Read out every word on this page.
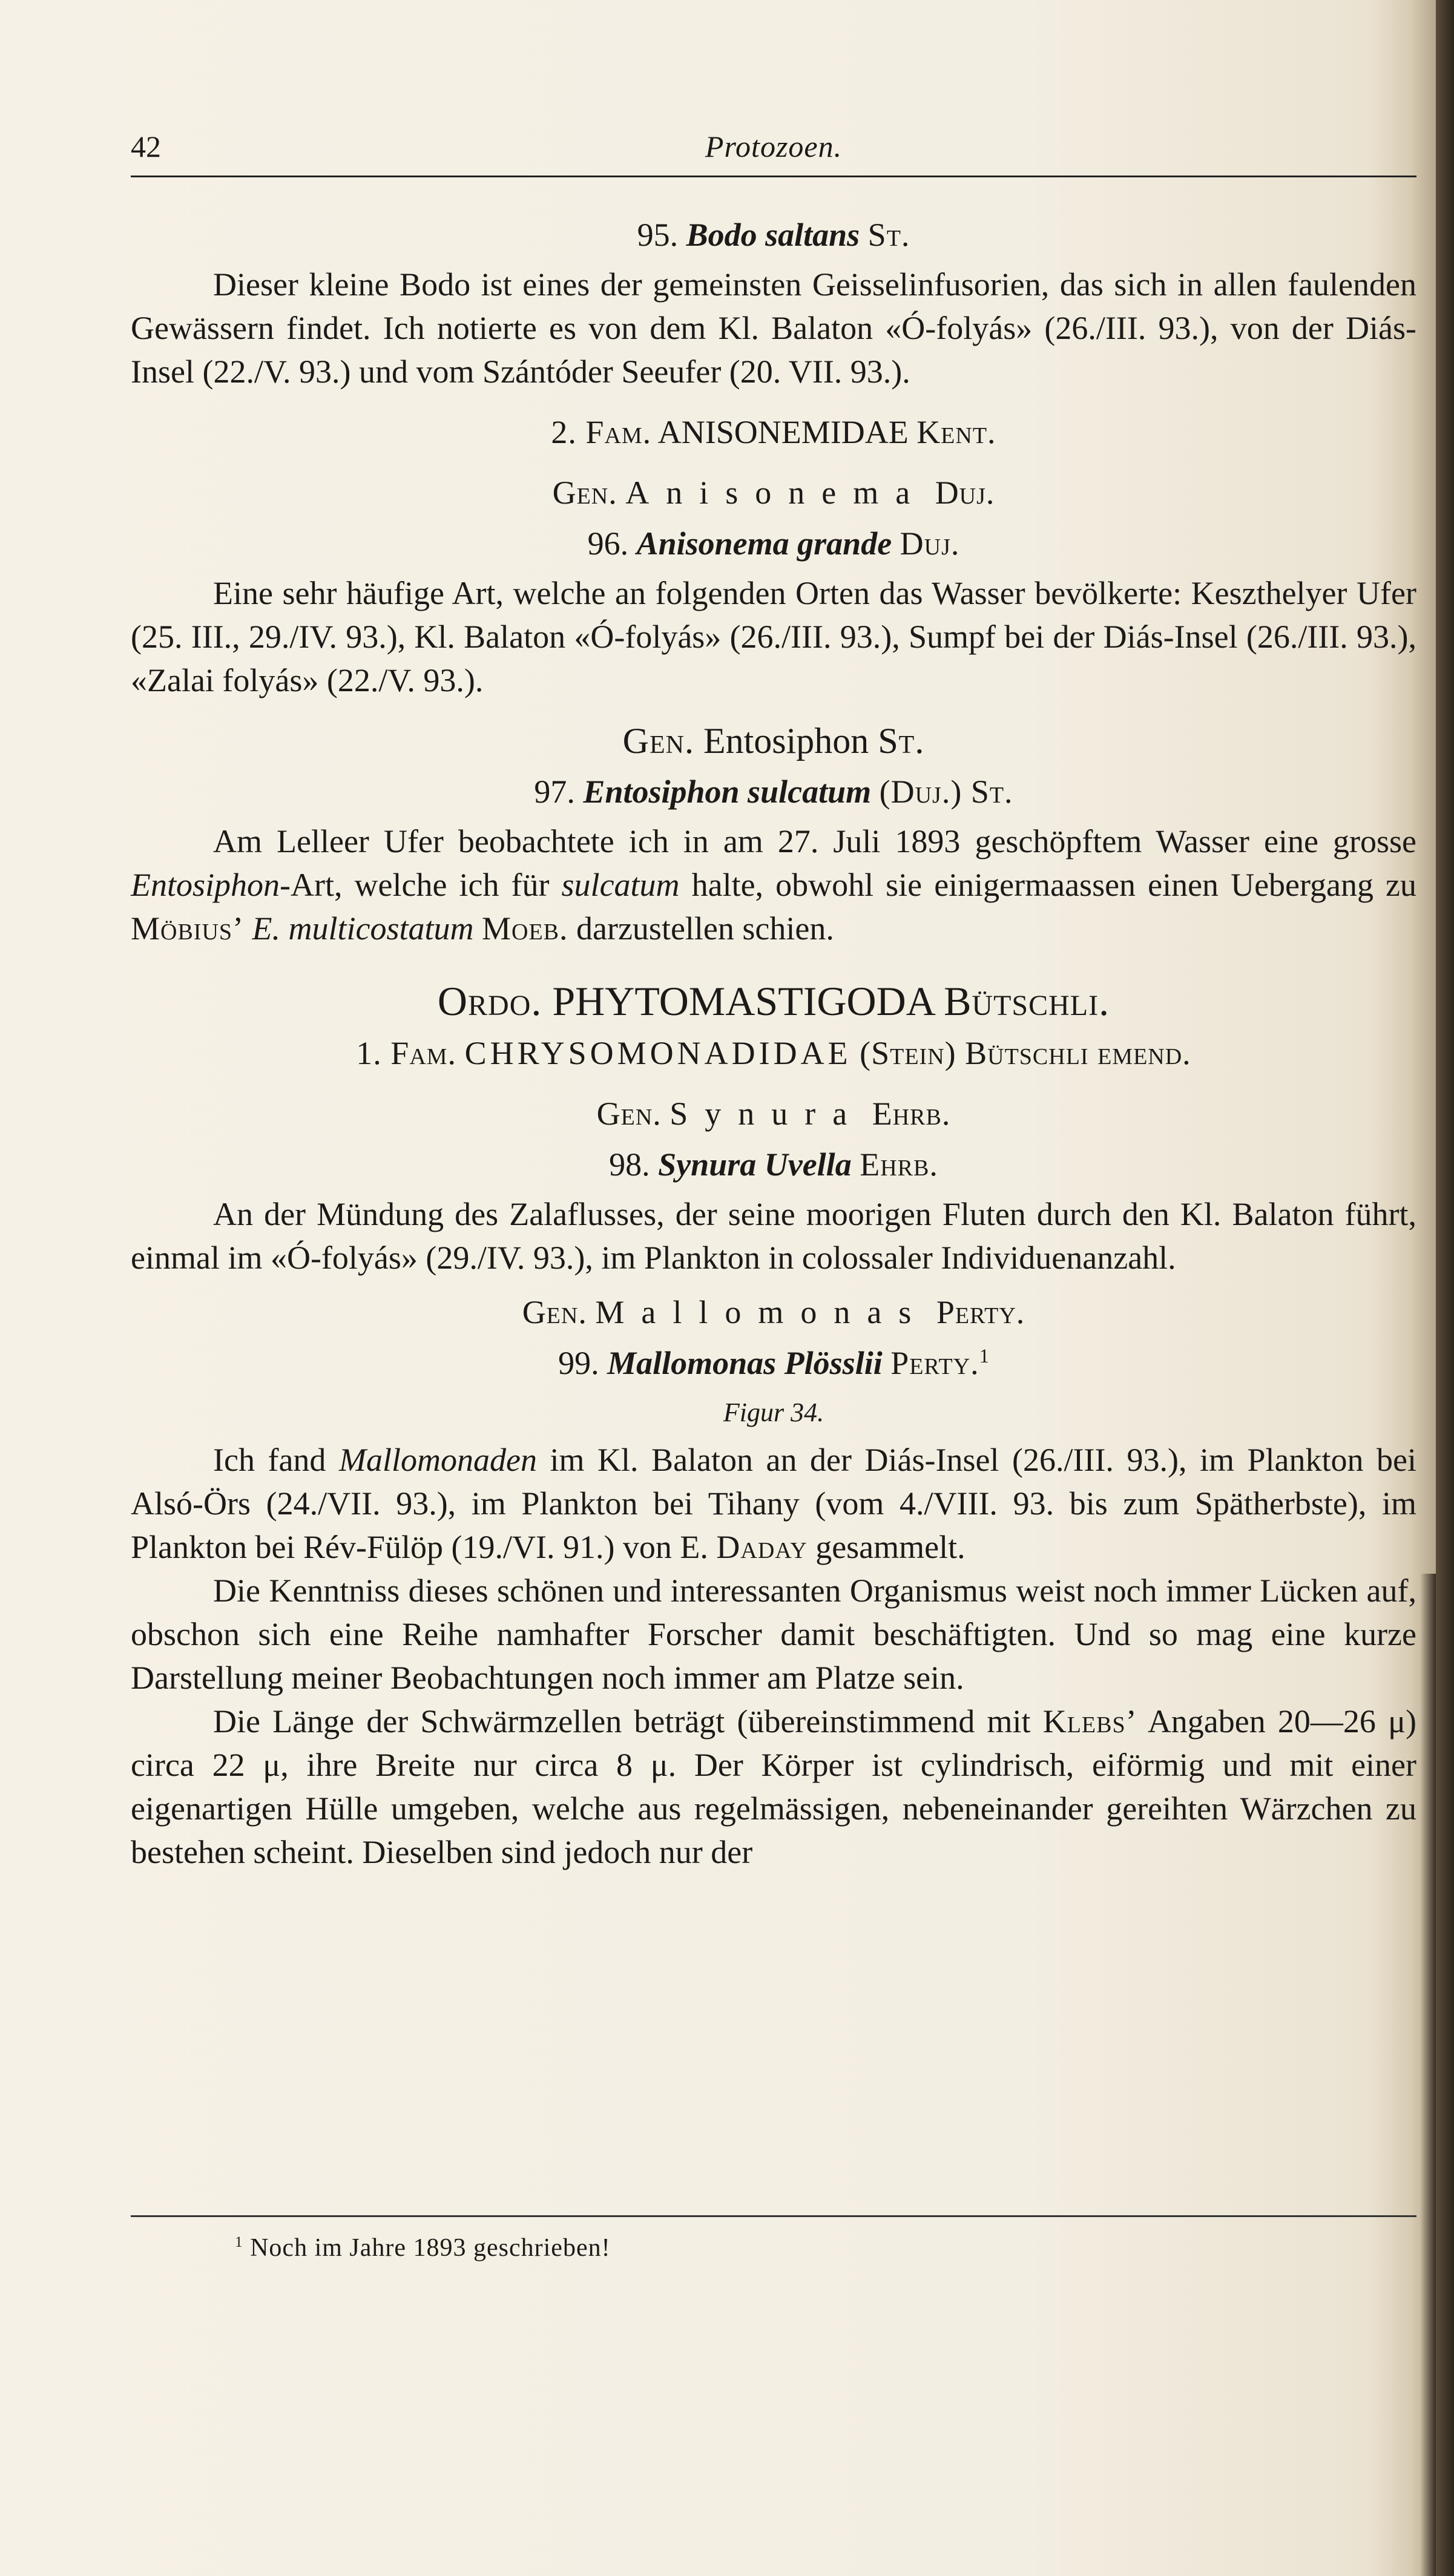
42	Protozoen.

95. Bodo saltans St.

Dieser kleine Bodo ist eines der gemeinsten Geisselinfusorien, das sich in allen faulenden Gewässern findet. Ich notierte es von dem Kl. Balaton «Ó-folyás» (26./III. 93.), von der Diás-Insel (22./V. 93.) und vom Szántóder Seeufer (20. VII. 93.).

2. Fam. ANISONEMIDAE Kent.

Gen. Anisonema Duj.

96. Anisonema grande Duj.

Eine sehr häufige Art, welche an folgenden Orten das Wasser bevölkerte: Keszthelyer Ufer (25. III., 29./IV. 93.), Kl. Balaton «Ó-folyás» (26./III. 93.), Sumpf bei der Diás-Insel (26./III. 93.), «Zalai folyás» (22./V. 93.).

Gen. Entosiphon St.

97. Entosiphon sulcatum (Duj.) St.

Am Lelleer Ufer beobachtete ich in am 27. Juli 1893 geschöpftem Wasser eine grosse Entosiphon-Art, welche ich für sulcatum halte, obwohl sie einigermaassen einen Uebergang zu Möbius’ E. multicostatum Moeb. darzustellen schien.

Ordo. PHYTOMASTIGODA Bütschli.

1. Fam. CHRYSOMONADIDAE (Stein) Bütschli emend.

Gen. Synura Ehrb.

98. Synura Uvella Ehrb.

An der Mündung des Zalaflusses, der seine moorigen Fluten durch den Kl. Balaton führt, einmal im «Ó-folyás» (29./IV. 93.), im Plankton in colossaler Individuenanzahl.

Gen. Mallomonas Perty.

99. Mallomonas Plösslii Perty.$^1$

Figur 34.

Ich fand Mallomonaden im Kl. Balaton an der Diás-Insel (26./III. 93.), im Plankton bei Alsó-Örs (24./VII. 93.), im Plankton bei Tihany (vom 4./VIII. 93. bis zum Spätherbste), im Plankton bei Rév-Fülöp (19./VI. 91.) von E. Daday gesammelt.

Die Kenntniss dieses schönen und interessanten Organismus weist noch immer Lücken auf, obschon sich eine Reihe namhafter Forscher damit beschäftigten. Und so mag eine kurze Darstellung meiner Beobachtungen noch immer am Platze sein.

Die Länge der Schwärmzellen beträgt (übereinstimmend mit Klebs’ Angaben 20—26 μ) circa 22 μ, ihre Breite nur circa 8 μ. Der Körper ist cylindrisch, eiförmig und mit einer eigenartigen Hülle umgeben, welche aus regelmässigen, nebeneinander gereihten Wärzchen zu bestehen scheint. Dieselben sind jedoch nur der

$^1$ Noch im Jahre 1893 geschrieben!
